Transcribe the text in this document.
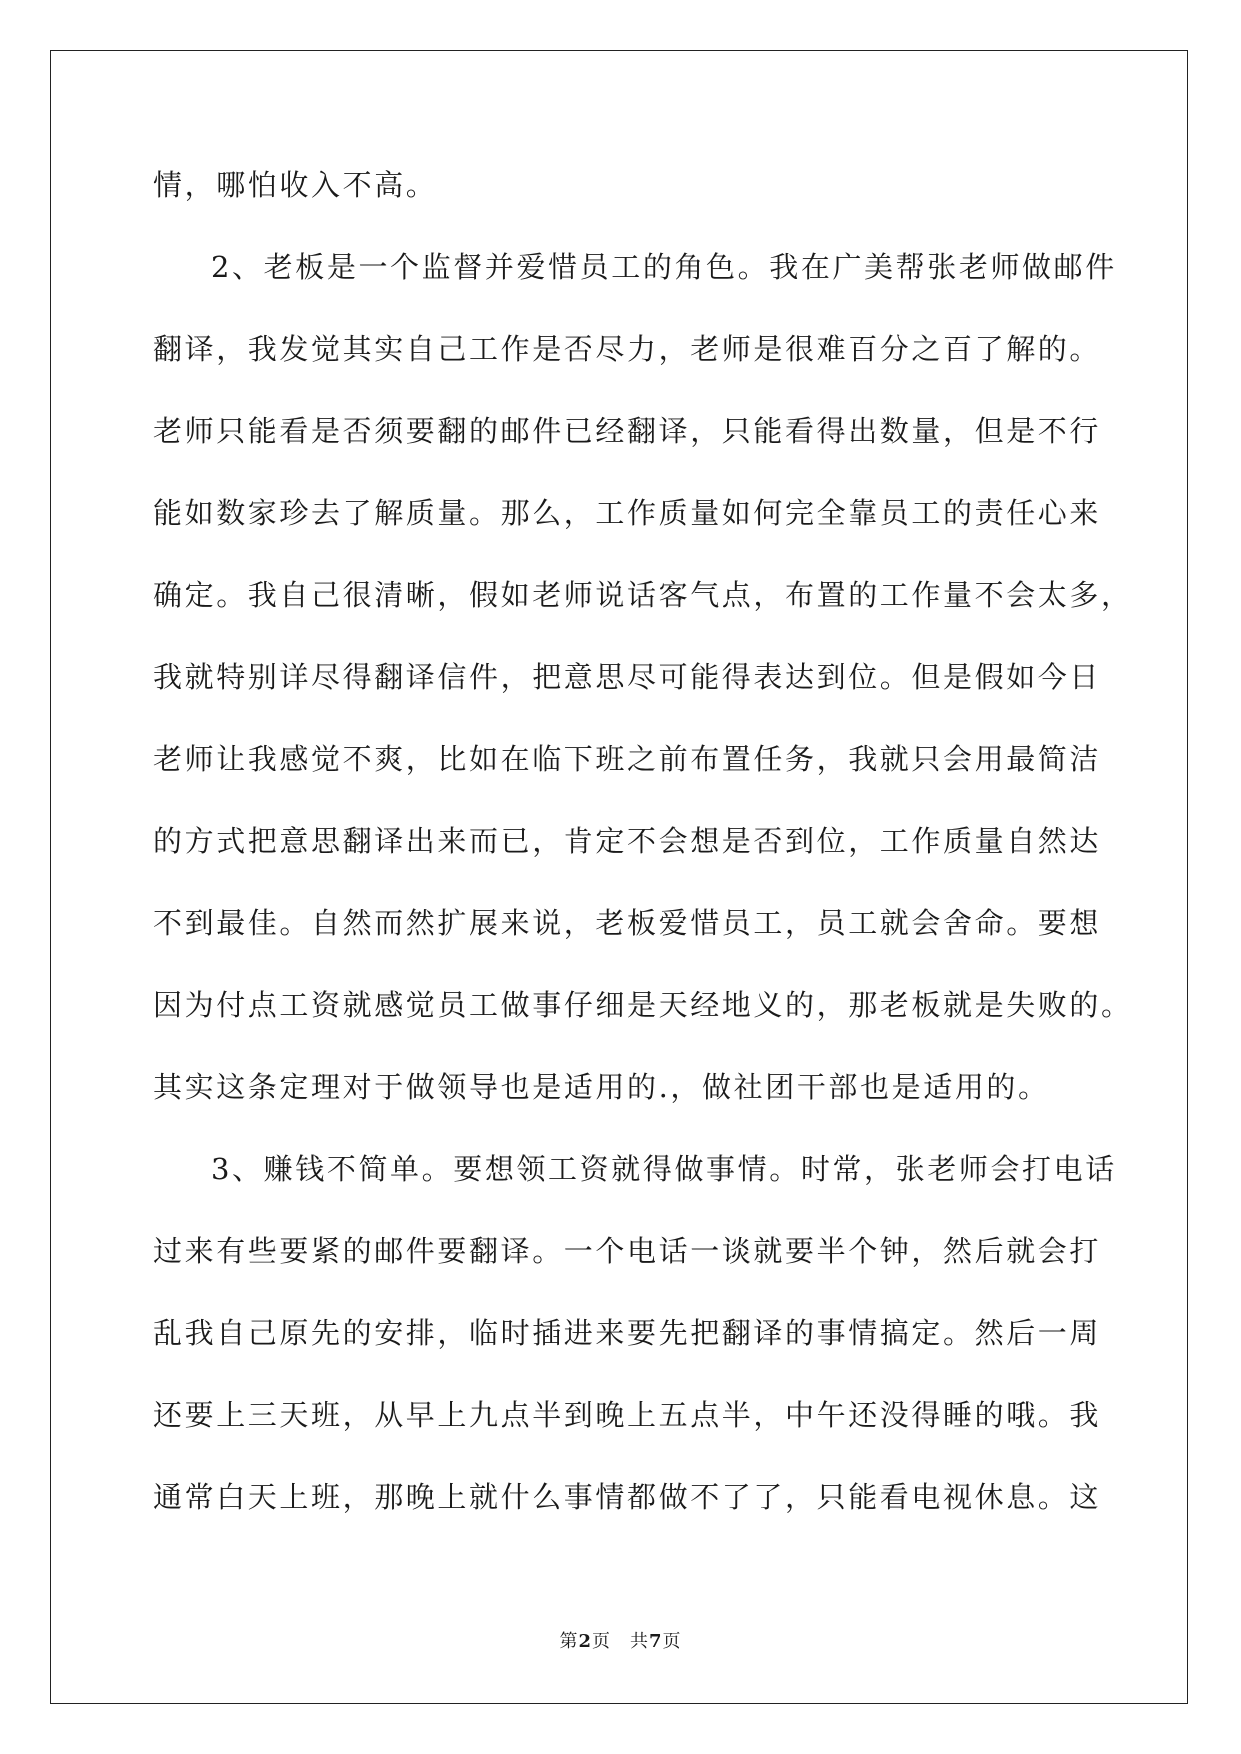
情，哪怕收入不高。
2、老板是一个监督并爱惜员工的角色。我在广美帮张老师做邮件
翻译，我发觉其实自己工作是否尽力，老师是很难百分之百了解的。
老师只能看是否须要翻的邮件已经翻译，只能看得出数量，但是不行
能如数家珍去了解质量。那么，工作质量如何完全靠员工的责任心来
确定。我自己很清晰，假如老师说话客气点，布置的工作量不会太多，
我就特别详尽得翻译信件，把意思尽可能得表达到位。但是假如今日
老师让我感觉不爽，比如在临下班之前布置任务，我就只会用最简洁
的方式把意思翻译出来而已，肯定不会想是否到位，工作质量自然达
不到最佳。自然而然扩展来说，老板爱惜员工，员工就会舍命。要想
因为付点工资就感觉员工做事仔细是天经地义的，那老板就是失败的。
其实这条定理对于做领导也是适用的.，做社团干部也是适用的。
3、赚钱不简单。要想领工资就得做事情。时常，张老师会打电话
过来有些要紧的邮件要翻译。一个电话一谈就要半个钟，然后就会打
乱我自己原先的安排，临时插进来要先把翻译的事情搞定。然后一周
还要上三天班，从早上九点半到晚上五点半，中午还没得睡的哦。我
通常白天上班，那晚上就什么事情都做不了了，只能看电视休息。这
第2页　共7页
